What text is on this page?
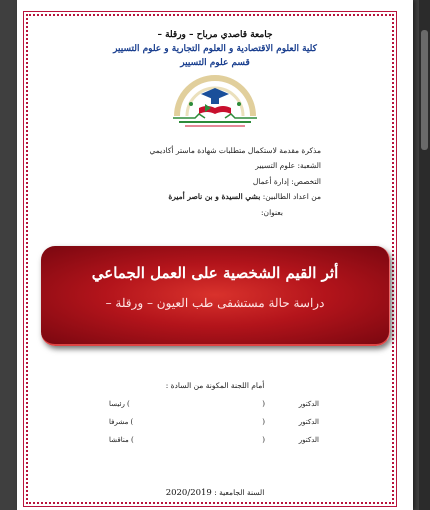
جامعة قاصدي مرباح – ورقلة –

كلية العلوم الاقتصادية و العلوم التجارية و علوم التسيير

قسم علوم التسيير

مذكرة مقدمة لاستكمال متطلبات شهادة ماستر أكاديمي

الشعبة: علوم التسيير

التخصص: إدارة أعمال

من اعداد الطالبين: بشي السيدة و بن ناصر أميرة

بعنوان:

أثر القيم الشخصية على العمل الجماعي

دراسة حالة مستشفى طب العيون – ورقلة –

أمام اللجنة المكونة من السادة :

الدكتور
(
) رئيسا
الدكتور
(
) مشرفا
الدكتور
(
) مناقشا

السنة الجامعية : 2020/2019
